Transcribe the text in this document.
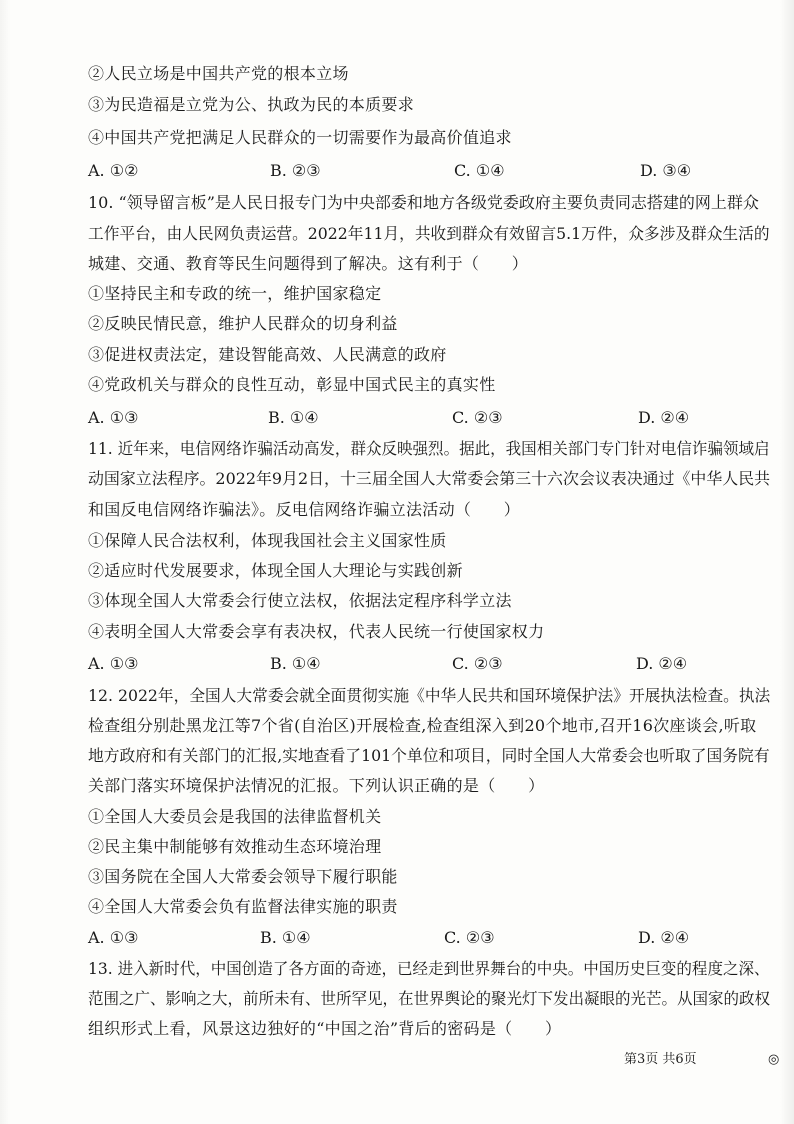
②人民立场是中国共产党的根本立场
③为民造福是立党为公、执政为民的本质要求
④中国共产党把满足人民群众的一切需要作为最高价值追求
A. ①②	B. ②③	C. ①④	D. ③④
10. “领导留言板”是人民日报专门为中央部委和地方各级党委政府主要负责同志搭建的网上群众
工作平台，由人民网负责运营。2022年11月，共收到群众有效留言5.1万件，众多涉及群众生活的
城建、交通、教育等民生问题得到了解决。这有利于（　　）
①坚持民主和专政的统一，维护国家稳定
②反映民情民意，维护人民群众的切身利益
③促进权责法定，建设智能高效、人民满意的政府
④党政机关与群众的良性互动，彰显中国式民主的真实性
A. ①③	B. ①④	C. ②③	D. ②④
11. 近年来，电信网络诈骗活动高发，群众反映强烈。据此，我国相关部门专门针对电信诈骗领域启
动国家立法程序。2022年9月2日，十三届全国人大常委会第三十六次会议表决通过《中华人民共
和国反电信网络诈骗法》。反电信网络诈骗立法活动（　　）
①保障人民合法权利，体现我国社会主义国家性质
②适应时代发展要求，体现全国人大理论与实践创新
③体现全国人大常委会行使立法权，依据法定程序科学立法
④表明全国人大常委会享有表决权，代表人民统一行使国家权力
A. ①③	B. ①④	C. ②③	D. ②④
12. 2022年，全国人大常委会就全面贯彻实施《中华人民共和国环境保护法》开展执法检查。执法
检查组分别赴黑龙江等7个省(自治区)开展检查,检查组深入到20个地市,召开16次座谈会,听取
地方政府和有关部门的汇报,实地查看了101个单位和项目，同时全国人大常委会也听取了国务院有
关部门落实环境保护法情况的汇报。下列认识正确的是（　　）
①全国人大委员会是我国的法律监督机关
②民主集中制能够有效推动生态环境治理
③国务院在全国人大常委会领导下履行职能
④全国人大常委会负有监督法律实施的职责
A. ①③	B. ①④	C. ②③	D. ②④
13. 进入新时代，中国创造了各方面的奇迹，已经走到世界舞台的中央。中国历史巨变的程度之深、
范围之广、影响之大，前所未有、世所罕见，在世界舆论的聚光灯下发出凝眼的光芒。从国家的政权
组织形式上看，风景这边独好的“中国之治”背后的密码是（　　）
第3页 共6页	◎
